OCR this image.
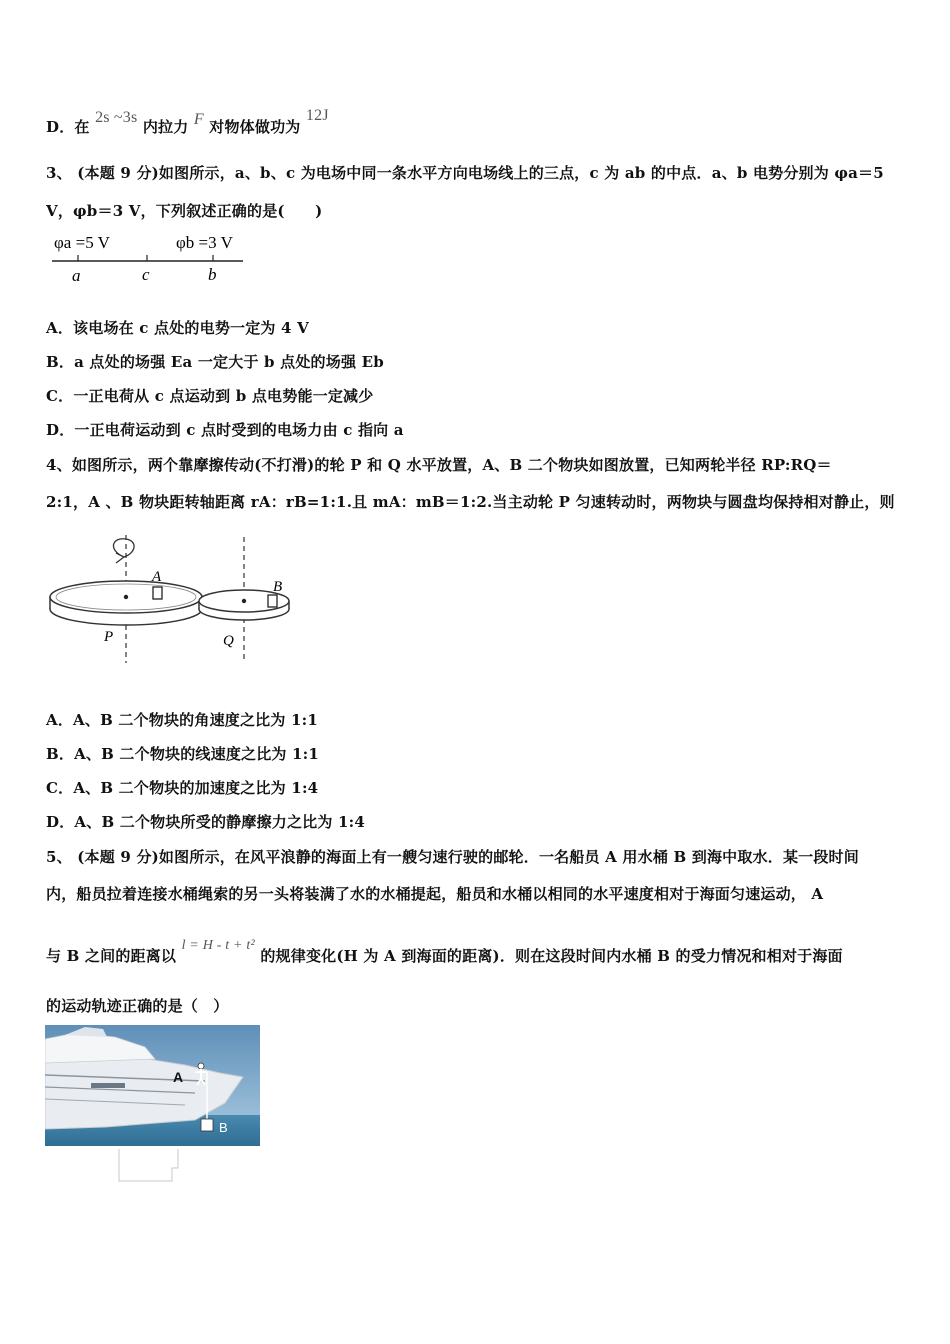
D．在 2s ~3s 内拉力 F 对物体做功为 12J
3、 (本题 9 分)如图所示，a、b、c 为电场中同一条水平方向电场线上的三点，c 为 ab 的中点．a、b 电势分别为 φa＝5
V，φb＝3 V，下列叙述正确的是(　　)
φa =5 V	φb =3 V
a	c	b
A．该电场在 c 点处的电势一定为 4 V
B．a 点处的场强 Ea 一定大于 b 点处的场强 Eb
C．一正电荷从 c 点运动到 b 点电势能一定减少
D．一正电荷运动到 c 点时受到的电场力由 c 指向 a
4、如图所示，两个靠摩擦传动(不打滑)的轮 P 和 Q 水平放置，A、B 二个物块如图放置，已知两轮半径 RP:RQ＝
2:1，A 、B 物块距转轴距离 rA：rB=1:1.且 mA：mB＝1:2.当主动轮 P 匀速转动时，两物块与圆盘均保持相对静止，则
A
B
P	Q
A．A、B 二个物块的角速度之比为 1:1
B．A、B 二个物块的线速度之比为 1:1
C．A、B 二个物块的加速度之比为 1:4
D．A、B 二个物块所受的静摩擦力之比为 1:4
5、 (本题 9 分)如图所示，在风平浪静的海面上有一艘匀速行驶的邮轮．一名船员 A 用水桶 B 到海中取水．某一段时间
内，船员拉着连接水桶绳索的另一头将装满了水的水桶提起，船员和水桶以相同的水平速度相对于海面匀速运动， A
与 B 之间的距离以 l = H - t + t² 的规律变化(H 为 A 到海面的距离)．则在这段时间内水桶 B 的受力情况和相对于海面
的运动轨迹正确的是（　）
A
B
